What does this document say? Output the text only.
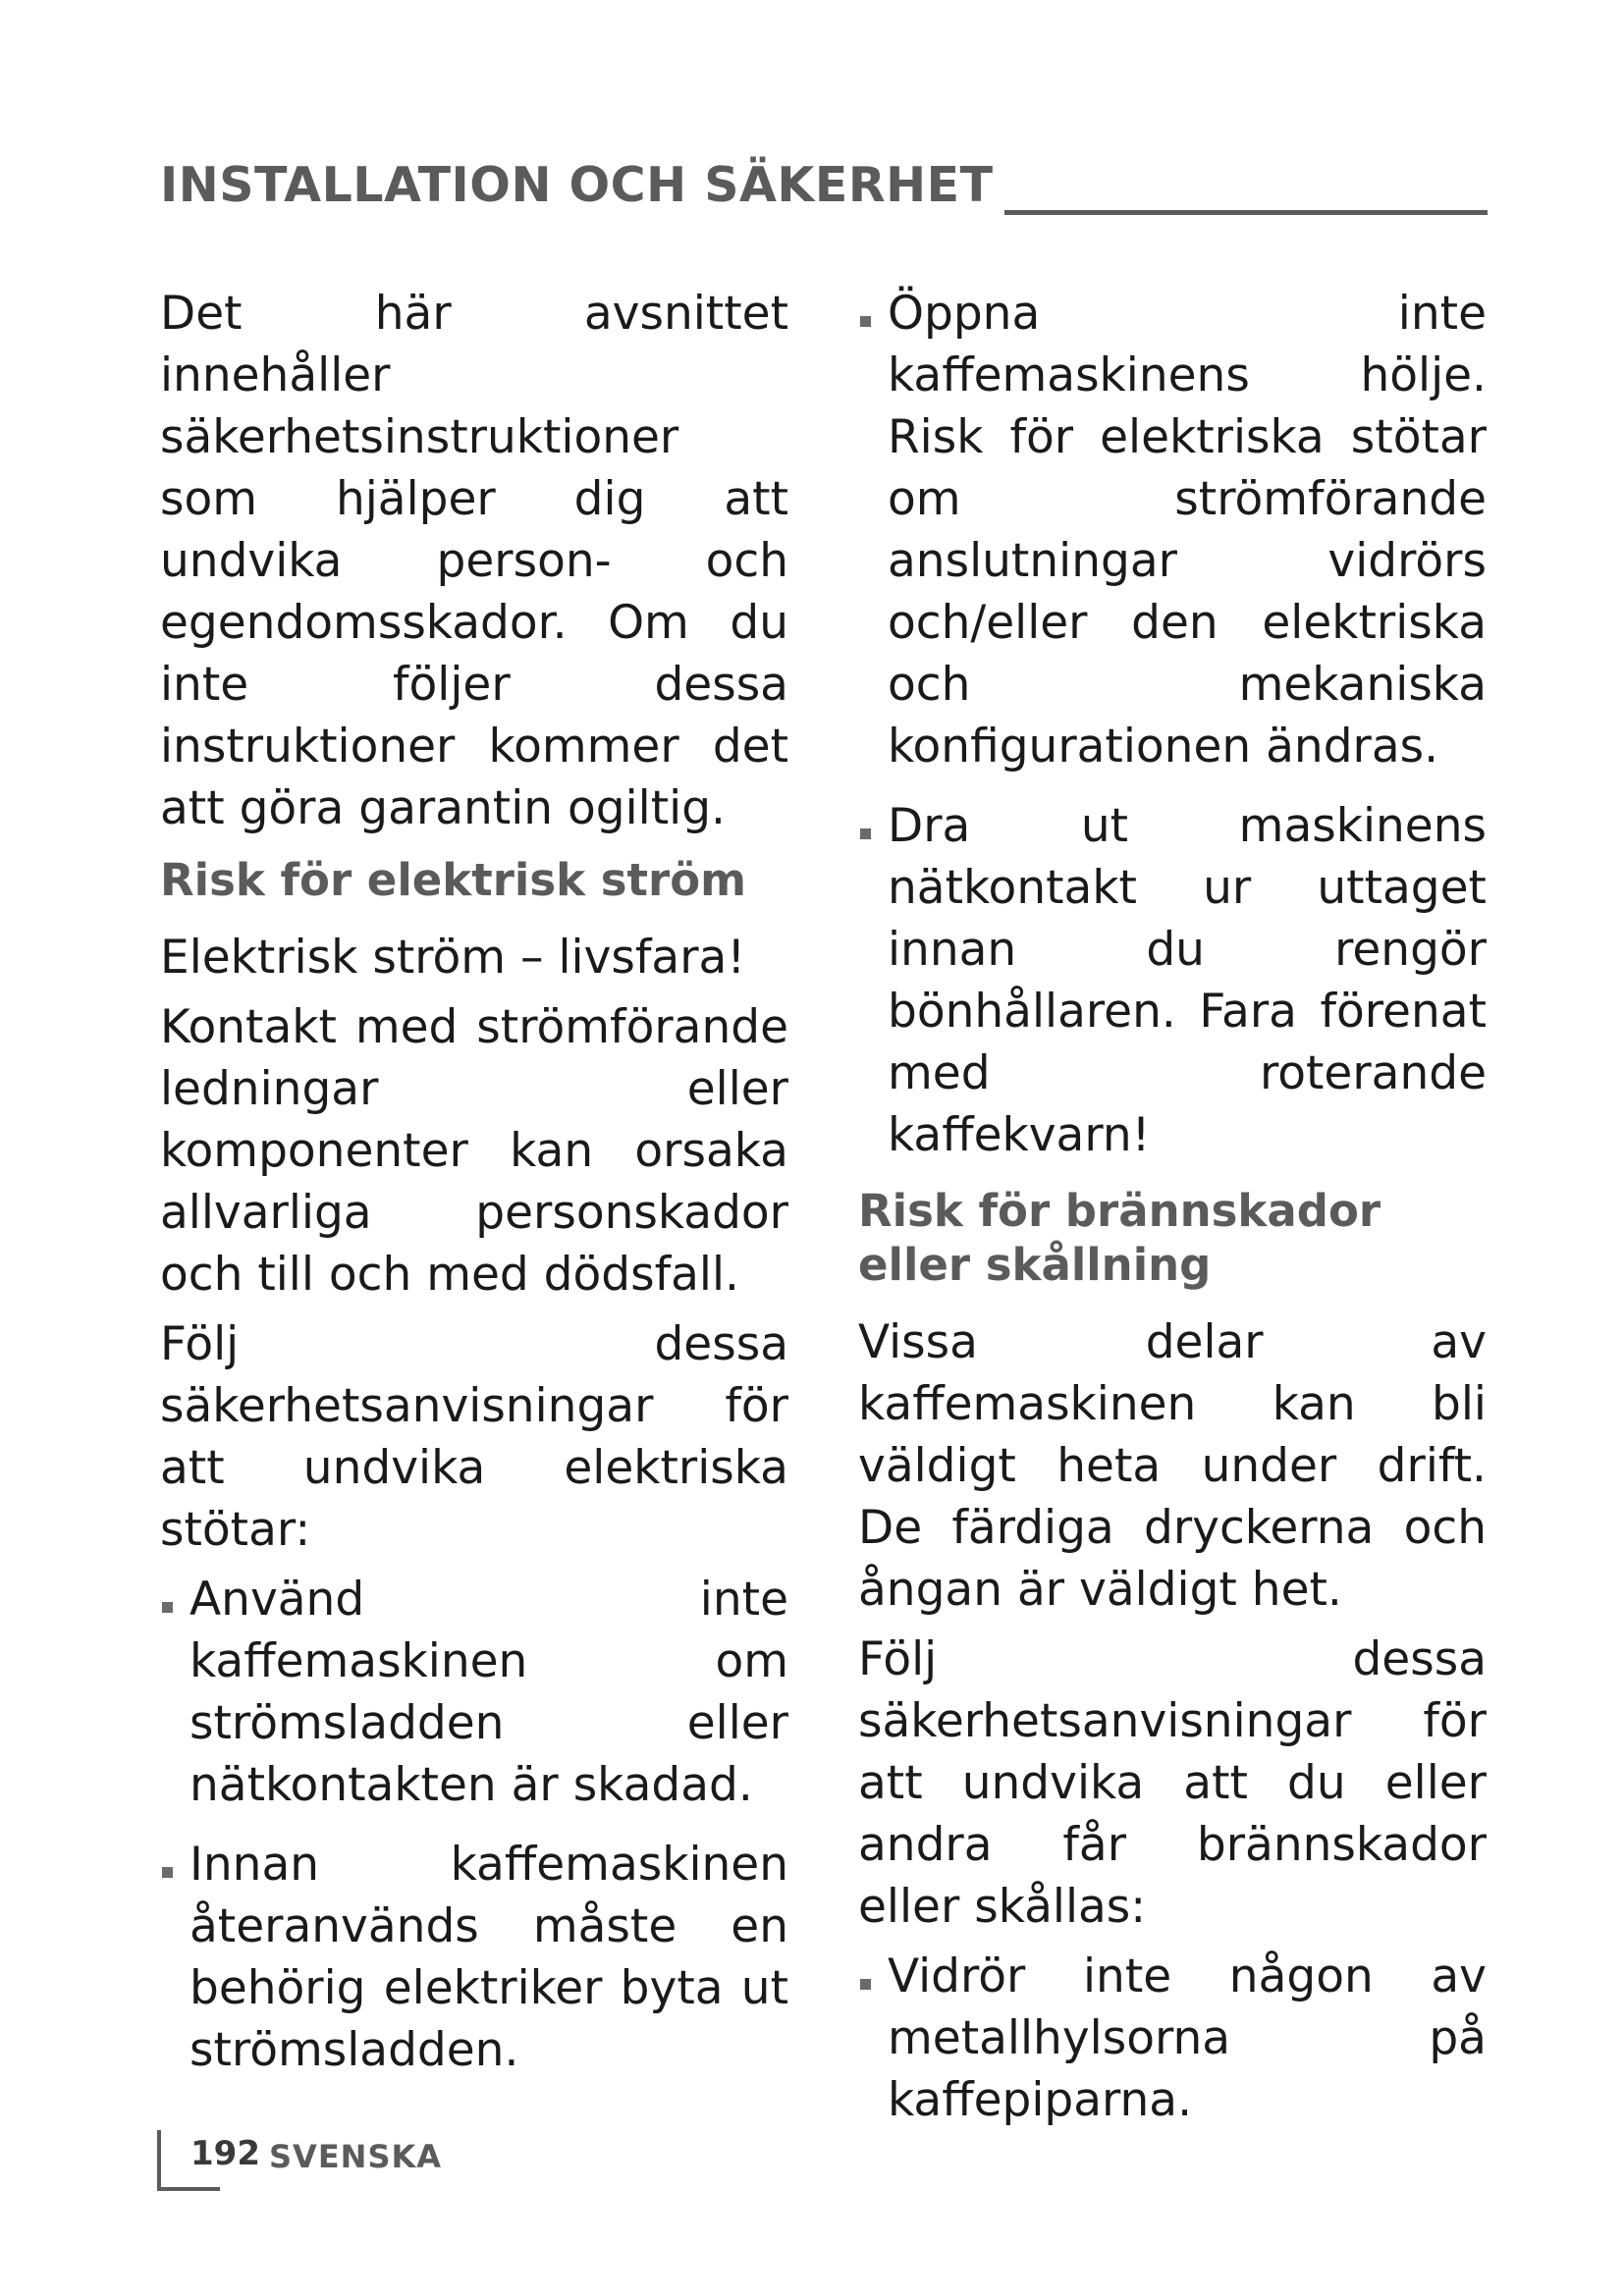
INSTALLATION OCH SÄKERHET

Det här avsnittet innehåller säkerhetsinstruktioner som hjälper dig att undvika person- och egendomsskador. Om du inte följer dessa instruktioner kommer det att göra garantin ogiltig.

Risk för elektrisk ström

Elektrisk ström – livsfara!

Kontakt med strömförande ledningar eller komponenter kan orsaka allvarliga personskador och till och med dödsfall.

Följ dessa säkerhetsanvisningar för att undvika elektriska stötar:

Använd inte kaffemaskinen om strömsladden eller nätkontakten är skadad.
Innan kaffemaskinen återanvänds måste en behörig elektriker byta ut strömsladden.
Öppna inte kaffemaskinens hölje. Risk för elektriska stötar om strömförande anslutningar vidrörs och/eller den elektriska och mekaniska konfigurationen ändras.
Dra ut maskinens nätkontakt ur uttaget innan du rengör bönhållaren. Fara förenat med roterande kaffekvarn!
Risk för brännskador eller skållning

Vissa delar av kaffemaskinen kan bli väldigt heta under drift. De färdiga dryckerna och ångan är väldigt het.

Följ dessa säkerhetsanvisningar för att undvika att du eller andra får brännskador eller skållas:

Vidrör inte någon av metallhylsorna på kaffepiparna.
192 SVENSKA
